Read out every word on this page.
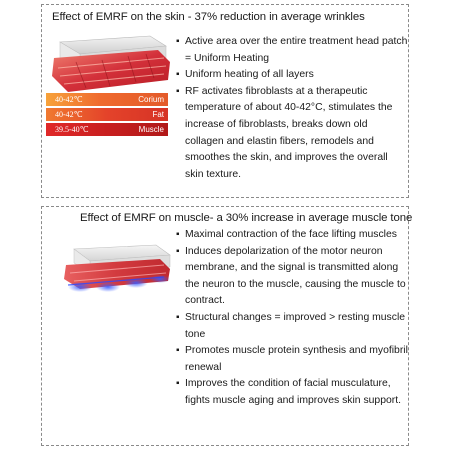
Effect of EMRF on the skin - 37% reduction in average wrinkles
40-42℃	Corium
40-42℃	Fat
39.5-40℃	Muscle
▪ Active area over the entire treatment head patch = Uniform Heating
▪ Uniform heating of all layers
▪ RF activates fibroblasts at a therapeutic temperature of about 40-42°C, stimulates the increase of fibroblasts, breaks down old collagen and elastin fibers, remodels and smoothes the skin, and improves the overall skin texture.
Effect of EMRF on muscle- a 30% increase in average muscle tone
▪ Maximal contraction of the face lifting muscles
▪ Induces depolarization of the motor neuron membrane, and the signal is transmitted along the neuron to the muscle, causing the muscle to contract.
▪ Structural changes = improved > resting muscle tone
▪ Promotes muscle protein synthesis and myofibril renewal
▪ Improves the condition of facial musculature, fights muscle aging and improves skin support.
